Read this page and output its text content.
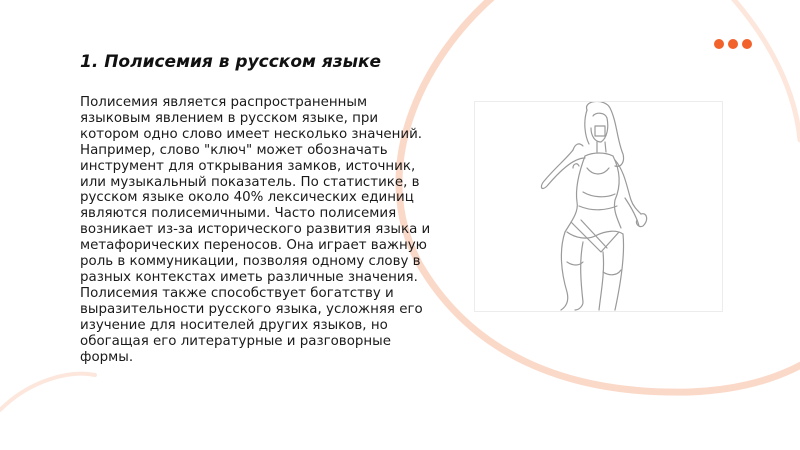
1. Полисемия в русском языке
Полисемия является распространенным языковым явлением в русском языке, при котором одно слово имеет несколько значений. Например, слово "ключ" может обозначать инструмент для открывания замков, источник, или музыкальный показатель. По статистике, в русском языке около 40% лексических единиц являются полисемичными. Часто полисемия возникает из-за исторического развития языка и метафорических переносов. Она играет важную роль в коммуникации, позволяя одному слову в разных контекстах иметь различные значения. Полисемия также способствует богатству и выразительности русского языка, усложняя его изучение для носителей других языков, но обогащая его литературные и разговорные формы.
